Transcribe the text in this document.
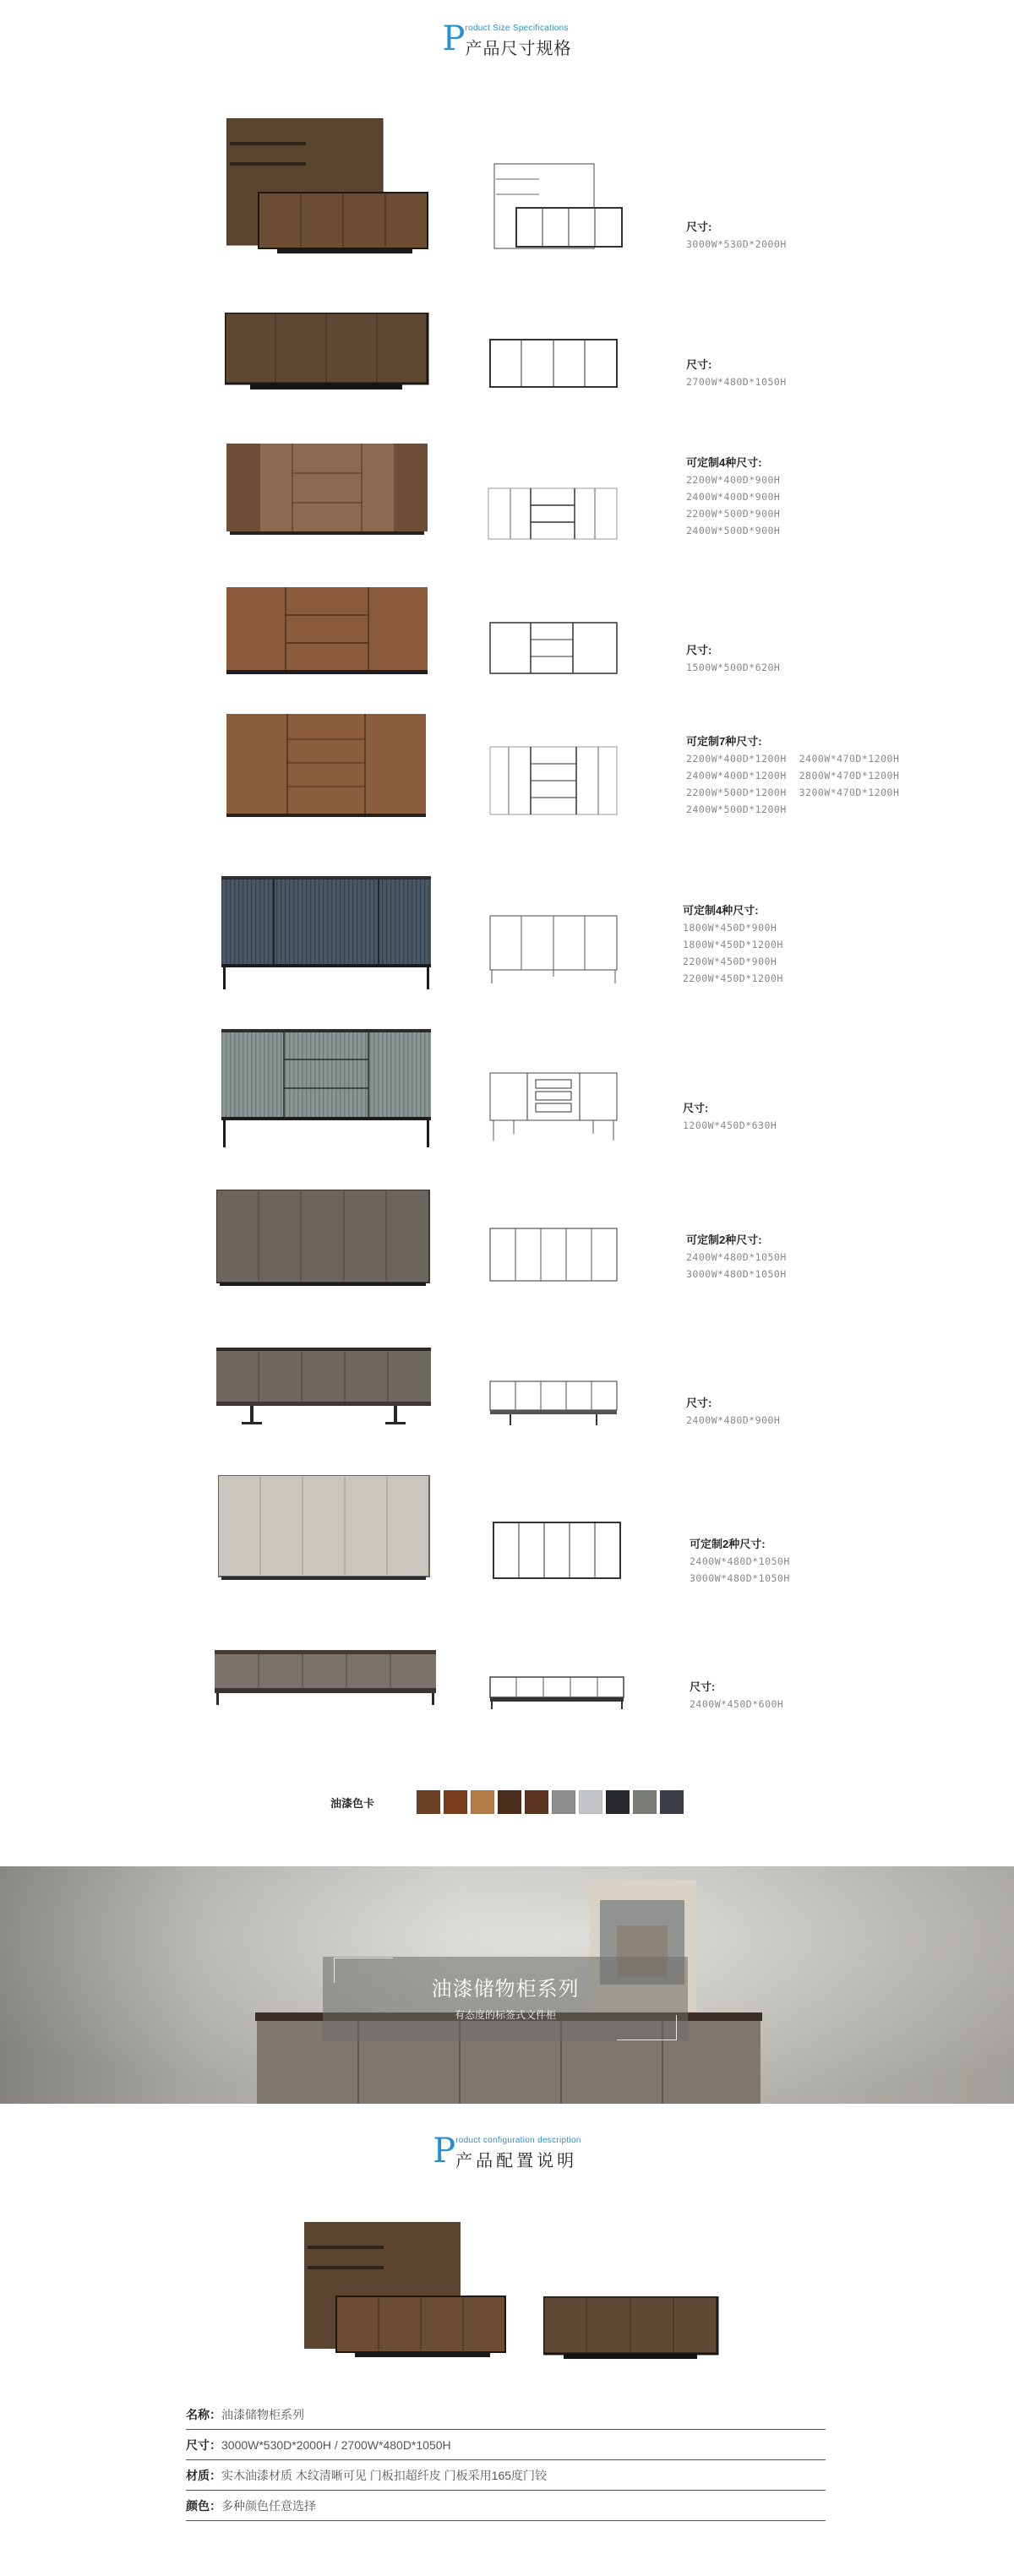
P roduct Size Specifications
产品尺寸规格
尺寸:
3000W*530D*2000H
尺寸:
2700W*480D*1050H
可定制4种尺寸:
2200W*400D*900H
2400W*400D*900H
2200W*500D*900H
2400W*500D*900H
尺寸:
1500W*500D*620H
可定制7种尺寸:
2200W*400D*1200H  2400W*470D*1200H
2400W*400D*1200H  2800W*470D*1200H
2200W*500D*1200H  3200W*470D*1200H
2400W*500D*1200H
可定制4种尺寸:
1800W*450D*900H
1800W*450D*1200H
2200W*450D*900H
2200W*450D*1200H
尺寸:
1200W*450D*630H
可定制2种尺寸:
2400W*480D*1050H
3000W*480D*1050H
尺寸:
2400W*480D*900H
可定制2种尺寸:
2400W*480D*1050H
3000W*480D*1050H
尺寸:
2400W*450D*600H
油漆色卡
油漆储物柜系列
有态度的标签式文件柜
P roduct configuration description
产品配置说明
名称： 油漆储物柜系列
尺寸： 3000W*530D*2000H / 2700W*480D*1050H
材质： 实木油漆材质 木纹清晰可见 门板扣超纤皮 门板采用165度门铰
颜色： 多种颜色任意选择
